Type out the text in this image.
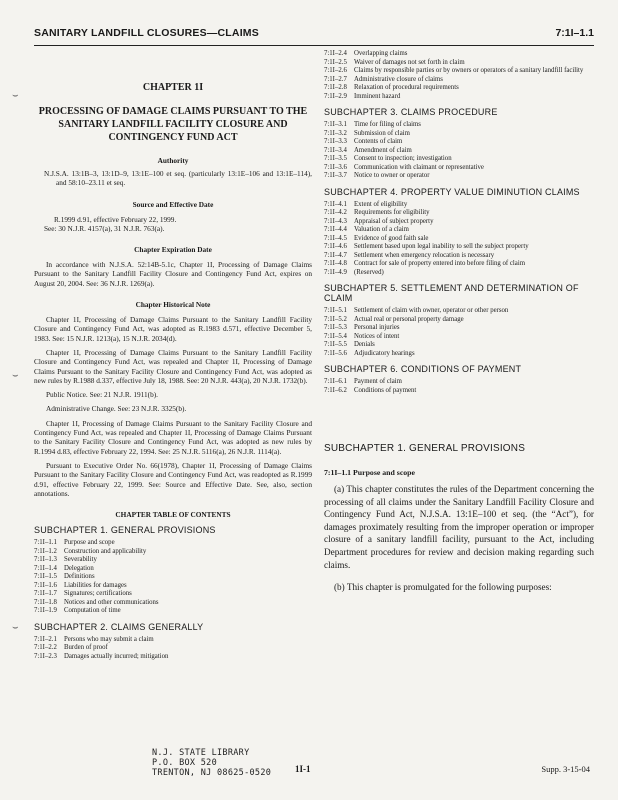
SANITARY LANDFILL CLOSURES—CLAIMS	7:1I–1.1
⌣
⌣
⌣
CHAPTER 1I
PROCESSING OF DAMAGE CLAIMS PURSUANT TO THE SANITARY LANDFILL FACILITY CLOSURE AND CONTINGENCY FUND ACT
Authority
N.J.S.A. 13:1B–3, 13:1D–9, 13:1E–100 et seq. (particularly 13:1E–106 and 13:1E–114), and 58:10–23.11 et seq.
Source and Effective Date
R.1999 d.91, effective February 22, 1999.
See: 30 N.J.R. 4157(a), 31 N.J.R. 763(a).
Chapter Expiration Date
In accordance with N.J.S.A. 52:14B-5.1c, Chapter 1I, Processing of Damage Claims Pursuant to the Sanitary Landfill Facility Closure and Contingency Fund Act, expires on August 20, 2004. See: 36 N.J.R. 1269(a).
Chapter Historical Note
Chapter 1I, Processing of Damage Claims Pursuant to the Sanitary Landfill Facility Closure and Contingency Fund Act, was adopted as R.1983 d.571, effective December 5, 1983. See: 15 N.J.R. 1213(a), 15 N.J.R. 2034(d).
Chapter 1I, Processing of Damage Claims Pursuant to the Sanitary Landfill Facility Closure and Contingency Fund Act, was repealed and Chapter 1I, Processing of Damage Claims Pursuant to the Sanitary Facility Closure and Contingency Fund Act, was adopted as new rules by R.1988 d.337, effective July 18, 1988. See: 20 N.J.R. 443(a), 20 N.J.R. 1732(b).
Public Notice. See: 21 N.J.R. 1911(b).
Administrative Change. See: 23 N.J.R. 3325(b).
Chapter 1I, Processing of Damage Claims Pursuant to the Sanitary Facility Closure and Contingency Fund Act, was repealed and Chapter 1I, Processing of Damage Claims Pursuant to the Sanitary Facility Closure and Contingency Fund Act, was adopted as new rules by R.1994 d.83, effective February 22, 1994. See: 25 N.J.R. 5116(a), 26 N.J.R. 1114(a).
Pursuant to Executive Order No. 66(1978), Chapter 1I, Processing of Damage Claims Pursuant to the Sanitary Facility Closure and Contingency Fund Act, was readopted as R.1999 d.91, effective February 22, 1999. See: Source and Effective Date. See, also, section annotations.
CHAPTER TABLE OF CONTENTS
SUBCHAPTER 1. GENERAL PROVISIONS
7:1I–1.1	Purpose and scope
7:1I–1.2	Construction and applicability
7:1I–1.3	Severability
7:1I–1.4	Delegation
7:1I–1.5	Definitions
7:1I–1.6	Liabilities for damages
7:1I–1.7	Signatures; certifications
7:1I–1.8	Notices and other communications
7:1I–1.9	Computation of time
SUBCHAPTER 2. CLAIMS GENERALLY
7:1I–2.1	Persons who may submit a claim
7:1I–2.2	Burden of proof
7:1I–2.3	Damages actually incurred; mitigation
7:1I–2.4	Overlapping claims
7:1I–2.5	Waiver of damages not set forth in claim
7:1I–2.6	Claims by responsible parties or by owners or operators of a sanitary landfill facility
7:1I–2.7	Administrative closure of claims
7:1I–2.8	Relaxation of procedural requirements
7:1I–2.9	Imminent hazard
SUBCHAPTER 3. CLAIMS PROCEDURE
7:1I–3.1	Time for filing of claims
7:1I–3.2	Submission of claim
7:1I–3.3	Contents of claim
7:1I–3.4	Amendment of claim
7:1I–3.5	Consent to inspection; investigation
7:1I–3.6	Communication with claimant or representative
7:1I–3.7	Notice to owner or operator
SUBCHAPTER 4. PROPERTY VALUE DIMINUTION CLAIMS
7:1I–4.1	Extent of eligibility
7:1I–4.2	Requirements for eligibility
7:1I–4.3	Appraisal of subject property
7:1I–4.4	Valuation of a claim
7:1I–4.5	Evidence of good faith sale
7:1I–4.6	Settlement based upon legal inability to sell the subject property
7:1I–4.7	Settlement when emergency relocation is necessary
7:1I–4.8	Contract for sale of property entered into before filing of claim
7:1I–4.9	(Reserved)
SUBCHAPTER 5. SETTLEMENT AND DETERMINATION OF CLAIM
7:1I–5.1	Settlement of claim with owner, operator or other person
7:1I–5.2	Actual real or personal property damage
7:1I–5.3	Personal injuries
7:1I–5.4	Notices of intent
7:1I–5.5	Denials
7:1I–5.6	Adjudicatory hearings
SUBCHAPTER 6. CONDITIONS OF PAYMENT
7:1I–6.1	Payment of claim
7:1I–6.2	Conditions of payment
SUBCHAPTER 1. GENERAL PROVISIONS
7:1I–1.1 Purpose and scope
(a) This chapter constitutes the rules of the Department concerning the processing of all claims under the Sanitary Landfill Facility Closure and Contingency Fund Act, N.J.S.A. 13:1E–100 et seq. (the “Act”), for damages proximately resulting from the improper operation or improper closure of a sanitary landfill facility, pursuant to the Act, including Department procedures for review and decision making regarding such claims.
(b) This chapter is promulgated for the following purposes:
N.J. STATE LIBRARY
P.O. BOX 520
TRENTON, NJ 08625-0520	1I-1	Supp. 3-15-04
